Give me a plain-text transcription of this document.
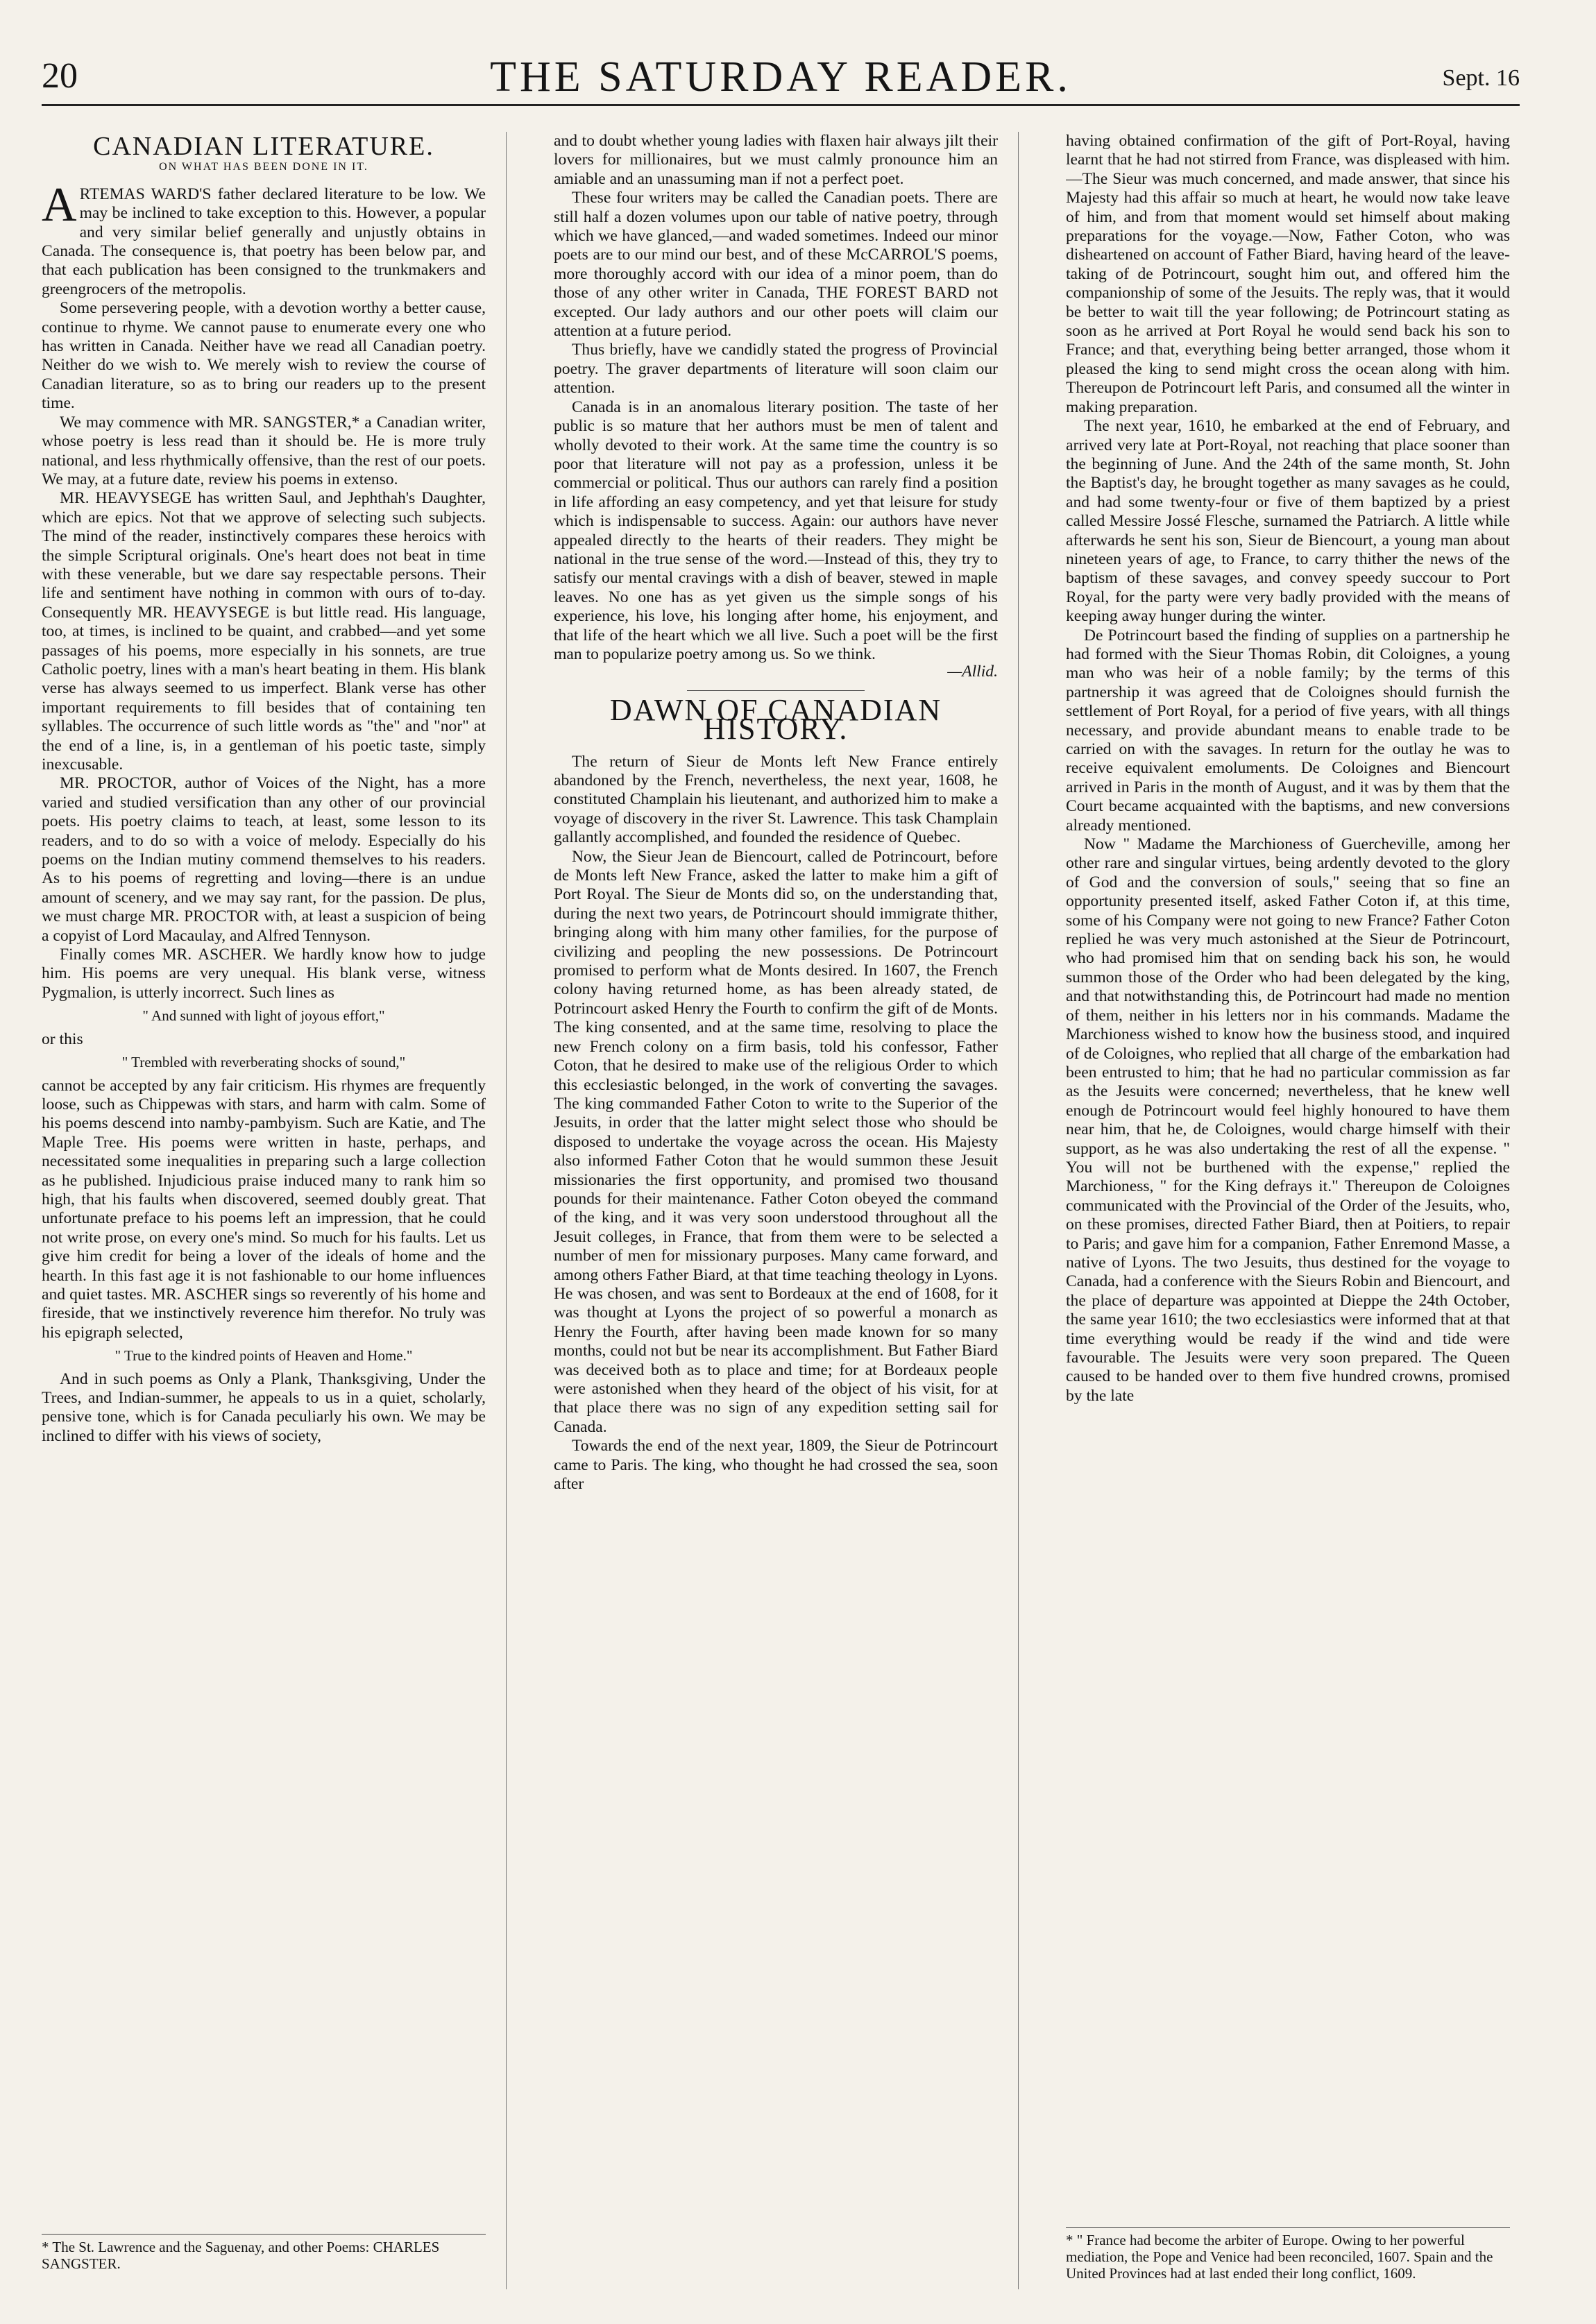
20	THE SATURDAY READER.	Sept. 16
CANADIAN LITERATURE.
ON WHAT HAS BEEN DONE IN IT.

ARTEMAS WARD'S father declared literature to be low. We may be inclined to take exception to this. However, a popular and very similar belief generally and unjustly obtains in Canada. The consequence is, that poetry has been below par, and that each publication has been consigned to the trunkmakers and greengrocers of the metropolis.

Some persevering people, with a devotion worthy a better cause, continue to rhyme. We cannot pause to enumerate every one who has written in Canada. Neither have we read all Canadian poetry. Neither do we wish to. We merely wish to review the course of Canadian literature, so as to bring our readers up to the present time.

We may commence with MR. SANGSTER,* a Canadian writer, whose poetry is less read than it should be. He is more truly national, and less rhythmically offensive, than the rest of our poets. We may, at a future date, review his poems in extenso.

MR. HEAVYSEGE has written Saul, and Jephthah's Daughter, which are epics. Not that we approve of selecting such subjects. The mind of the reader, instinctively compares these heroics with the simple Scriptural originals. One's heart does not beat in time with these venerable, but we dare say respectable persons. Their life and sentiment have nothing in common with ours of to-day. Consequently MR. HEAVYSEGE is but little read. His language, too, at times, is inclined to be quaint, and crabbed—and yet some passages of his poems, more especially in his sonnets, are true Catholic poetry, lines with a man's heart beating in them. His blank verse has always seemed to us imperfect. Blank verse has other important requirements to fill besides that of containing ten syllables. The occurrence of such little words as "the" and "nor" at the end of a line, is, in a gentleman of his poetic taste, simply inexcusable.

MR. PROCTOR, author of Voices of the Night, has a more varied and studied versification than any other of our provincial poets. His poetry claims to teach, at least, some lesson to its readers, and to do so with a voice of melody. Especially do his poems on the Indian mutiny commend themselves to his readers. As to his poems of regretting and loving—there is an undue amount of scenery, and we may say rant, for the passion. De plus, we must charge MR. PROCTOR with, at least a suspicion of being a copyist of Lord Macaulay, and Alfred Tennyson.

Finally comes MR. ASCHER. We hardly know how to judge him. His poems are very unequal. His blank verse, witness Pygmalion, is utterly incorrect. Such lines as

" And sunned with light of joyous effort,"

or this

" Trembled with reverberating shocks of sound,"

cannot be accepted by any fair criticism. His rhymes are frequently loose, such as Chippewas with stars, and harm with calm. Some of his poems descend into namby-pambyism. Such are Katie, and The Maple Tree. His poems were written in haste, perhaps, and necessitated some inequalities in preparing such a large collection as he published. Injudicious praise induced many to rank him so high, that his faults when discovered, seemed doubly great. That unfortunate preface to his poems left an impression, that he could not write prose, on every one's mind. So much for his faults. Let us give him credit for being a lover of the ideals of home and the hearth. In this fast age it is not fashionable to our home influences and quiet tastes. MR. ASCHER sings so reverently of his home and fireside, that we instinctively reverence him therefor. No truly was his epigraph selected,

" True to the kindred points of Heaven and Home."

And in such poems as Only a Plank, Thanksgiving, Under the Trees, and Indian-summer, he appeals to us in a quiet, scholarly, pensive tone, which is for Canada peculiarly his own. We may be inclined to differ with his views of society,

* The St. Lawrence and the Saguenay, and other Poems: CHARLES SANGSTER.

and to doubt whether young ladies with flaxen hair always jilt their lovers for millionaires, but we must calmly pronounce him an amiable and an unassuming man if not a perfect poet.

These four writers may be called the Canadian poets. There are still half a dozen volumes upon our table of native poetry, through which we have glanced,—and waded sometimes. Indeed our minor poets are to our mind our best, and of these McCARROL'S poems, more thoroughly accord with our idea of a minor poem, than do those of any other writer in Canada, THE FOREST BARD not excepted. Our lady authors and our other poets will claim our attention at a future period.

Thus briefly, have we candidly stated the progress of Provincial poetry. The graver departments of literature will soon claim our attention.

Canada is in an anomalous literary position. The taste of her public is so mature that her authors must be men of talent and wholly devoted to their work. At the same time the country is so poor that literature will not pay as a profession, unless it be commercial or political. Thus our authors can rarely find a position in life affording an easy competency, and yet that leisure for study which is indispensable to success. Again: our authors have never appealed directly to the hearts of their readers. They might be national in the true sense of the word.—Instead of this, they try to satisfy our mental cravings with a dish of beaver, stewed in maple leaves. No one has as yet given us the simple songs of his experience, his love, his longing after home, his enjoyment, and that life of the heart which we all live. Such a poet will be the first man to popularize poetry among us. So we think.

—Allid.
DAWN OF CANADIAN HISTORY.

The return of Sieur de Monts left New France entirely abandoned by the French, nevertheless, the next year, 1608, he constituted Champlain his lieutenant, and authorized him to make a voyage of discovery in the river St. Lawrence. This task Champlain gallantly accomplished, and founded the residence of Quebec.

Now, the Sieur Jean de Biencourt, called de Potrincourt, before de Monts left New France, asked the latter to make him a gift of Port Royal. The Sieur de Monts did so, on the understanding that, during the next two years, de Potrincourt should immigrate thither, bringing along with him many other families, for the purpose of civilizing and peopling the new possessions. De Potrincourt promised to perform what de Monts desired. In 1607, the French colony having returned home, as has been already stated, de Potrincourt asked Henry the Fourth to confirm the gift of de Monts. The king consented, and at the same time, resolving to place the new French colony on a firm basis, told his confessor, Father Coton, that he desired to make use of the religious Order to which this ecclesiastic belonged, in the work of converting the savages. The king commanded Father Coton to write to the Superior of the Jesuits, in order that the latter might select those who should be disposed to undertake the voyage across the ocean. His Majesty also informed Father Coton that he would summon these Jesuit missionaries the first opportunity, and promised two thousand pounds for their maintenance. Father Coton obeyed the command of the king, and it was very soon understood throughout all the Jesuit colleges, in France, that from them were to be selected a number of men for missionary purposes. Many came forward, and among others Father Biard, at that time teaching theology in Lyons. He was chosen, and was sent to Bordeaux at the end of 1608, for it was thought at Lyons the project of so powerful a monarch as Henry the Fourth, after having been made known for so many months, could not but be near its accomplishment. But Father Biard was deceived both as to place and time; for at Bordeaux people were astonished when they heard of the object of his visit, for at that place there was no sign of any expedition setting sail for Canada.

Towards the end of the next year, 1809, the Sieur de Potrincourt came to Paris. The king, who thought he had crossed the sea, soon after

having obtained confirmation of the gift of Port-Royal, having learnt that he had not stirred from France, was displeased with him.—The Sieur was much concerned, and made answer, that since his Majesty had this affair so much at heart, he would now take leave of him, and from that moment would set himself about making preparations for the voyage.—Now, Father Coton, who was disheartened on account of Father Biard, having heard of the leave-taking of de Potrincourt, sought him out, and offered him the companionship of some of the Jesuits. The reply was, that it would be better to wait till the year following; de Potrincourt stating as soon as he arrived at Port Royal he would send back his son to France; and that, everything being better arranged, those whom it pleased the king to send might cross the ocean along with him. Thereupon de Potrincourt left Paris, and consumed all the winter in making preparation.

The next year, 1610, he embarked at the end of February, and arrived very late at Port-Royal, not reaching that place sooner than the beginning of June. And the 24th of the same month, St. John the Baptist's day, he brought together as many savages as he could, and had some twenty-four or five of them baptized by a priest called Messire Jossé Flesche, surnamed the Patriarch. A little while afterwards he sent his son, Sieur de Biencourt, a young man about nineteen years of age, to France, to carry thither the news of the baptism of these savages, and convey speedy succour to Port Royal, for the party were very badly provided with the means of keeping away hunger during the winter.

De Potrincourt based the finding of supplies on a partnership he had formed with the Sieur Thomas Robin, dit Coloignes, a young man who was heir of a noble family; by the terms of this partnership it was agreed that de Coloignes should furnish the settlement of Port Royal, for a period of five years, with all things necessary, and provide abundant means to enable trade to be carried on with the savages. In return for the outlay he was to receive equivalent emoluments. De Coloignes and Biencourt arrived in Paris in the month of August, and it was by them that the Court became acquainted with the baptisms, and new conversions already mentioned.

Now " Madame the Marchioness of Guercheville, among her other rare and singular virtues, being ardently devoted to the glory of God and the conversion of souls," seeing that so fine an opportunity presented itself, asked Father Coton if, at this time, some of his Company were not going to new France? Father Coton replied he was very much astonished at the Sieur de Potrincourt, who had promised him that on sending back his son, he would summon those of the Order who had been delegated by the king, and that notwithstanding this, de Potrincourt had made no mention of them, neither in his letters nor in his commands. Madame the Marchioness wished to know how the business stood, and inquired of de Coloignes, who replied that all charge of the embarkation had been entrusted to him; that he had no particular commission as far as the Jesuits were concerned; nevertheless, that he knew well enough de Potrincourt would feel highly honoured to have them near him, that he, de Coloignes, would charge himself with their support, as he was also undertaking the rest of all the expense. " You will not be burthened with the expense," replied the Marchioness, " for the King defrays it." Thereupon de Coloignes communicated with the Provincial of the Order of the Jesuits, who, on these promises, directed Father Biard, then at Poitiers, to repair to Paris; and gave him for a companion, Father Enremond Masse, a native of Lyons. The two Jesuits, thus destined for the voyage to Canada, had a conference with the Sieurs Robin and Biencourt, and the place of departure was appointed at Dieppe the 24th October, the same year 1610; the two ecclesiastics were informed that at that time everything would be ready if the wind and tide were favourable. The Jesuits were very soon prepared. The Queen caused to be handed over to them five hundred crowns, promised by the late

* " France had become the arbiter of Europe. Owing to her powerful mediation, the Pope and Venice had been reconciled, 1607. Spain and the United Provinces had at last ended their long conflict, 1609.
